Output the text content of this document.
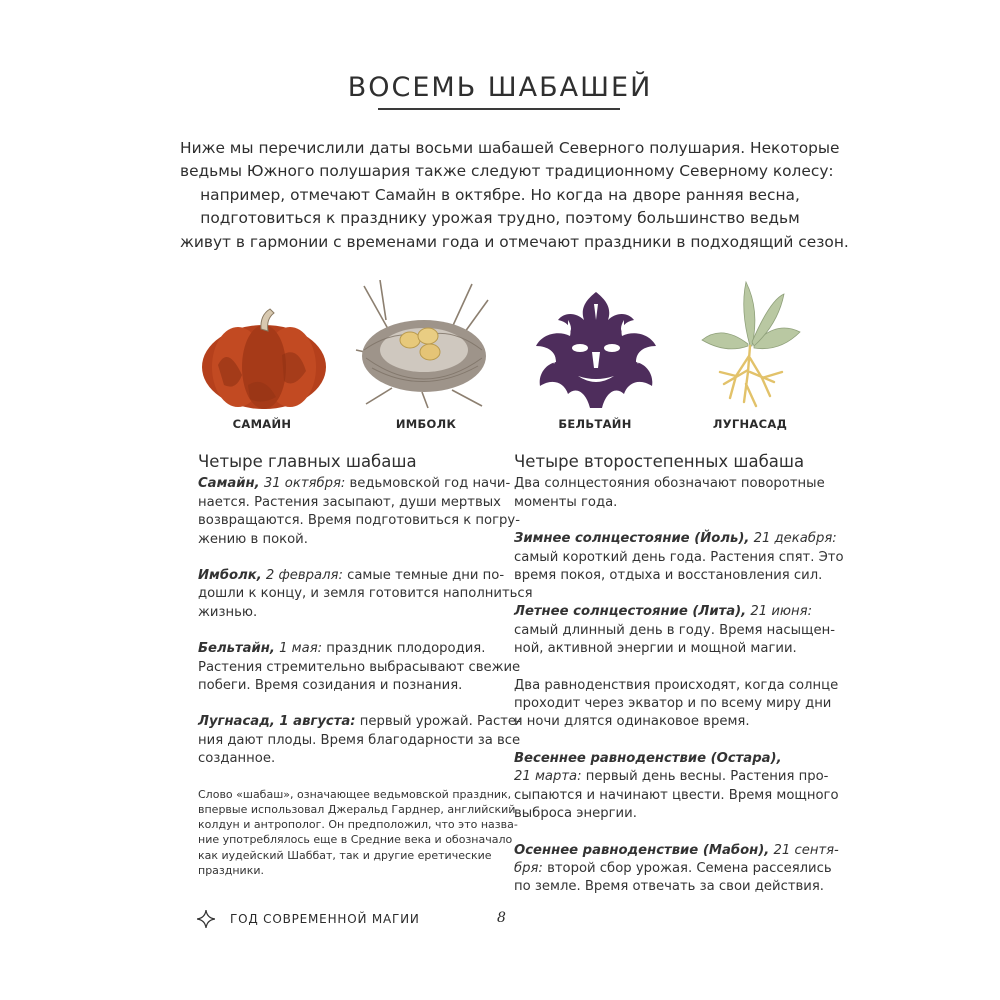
ВОСЕМЬ ШАБАШЕЙ
Ниже мы перечислили даты восьми шабашей Северного полушария. Некоторые
ведьмы Южного полушария также следуют традиционному Северному колесу:
например, отмечают Самайн в октябре. Но когда на дворе ранняя весна,
подготовиться к празднику урожая трудно, поэтому большинство ведьм
живут в гармонии с временами года и отмечают праздники в подходящий сезон.
САМАЙН	ИМБОЛК	БЕЛЬТАЙН	ЛУГНАСАД
Четыре главных шабаша
Самайн, 31 октября: ведьмовской год начи-
нается. Растения засыпают, души мертвых
возвращаются. Время подготовиться к погру-
жению в покой.
Имболк, 2 февраля: самые темные дни по-
дошли к концу, и земля готовится наполниться
жизнью.
Бельтайн, 1 мая: праздник плодородия.
Растения стремительно выбрасывают свежие
побеги. Время созидания и познания.
Лугнасад, 1 августа: первый урожай. Расте-
ния дают плоды. Время благодарности за все
созданное.
Слово «шабаш», означающее ведьмовской праздник,
впервые использовал Джеральд Гарднер, английский
колдун и антрополог. Он предположил, что это назва-
ние употреблялось еще в Средние века и обозначало
как иудейский Шаббат, так и другие еретические
праздники.
Четыре второстепенных шабаша
Два солнцестояния обозначают поворотные
моменты года.
Зимнее солнцестояние (Йоль), 21 декабря:
самый короткий день года. Растения спят. Это
время покоя, отдыха и восстановления сил.
Летнее солнцестояние (Лита), 21 июня:
самый длинный день в году. Время насыщен-
ной, активной энергии и мощной магии.
Два равноденствия происходят, когда солнце
проходит через экватор и по всему миру дни
и ночи длятся одинаковое время.
Весеннее равноденствие (Остара),
21 марта: первый день весны. Растения про-
сыпаются и начинают цвести. Время мощного
выброса энергии.
Осеннее равноденствие (Мабон), 21 сентя-
бря: второй сбор урожая. Семена рассеялись
по земле. Время отвечать за свои действия.
ГОД СОВРЕМЕННОЙ МАГИИ	8
